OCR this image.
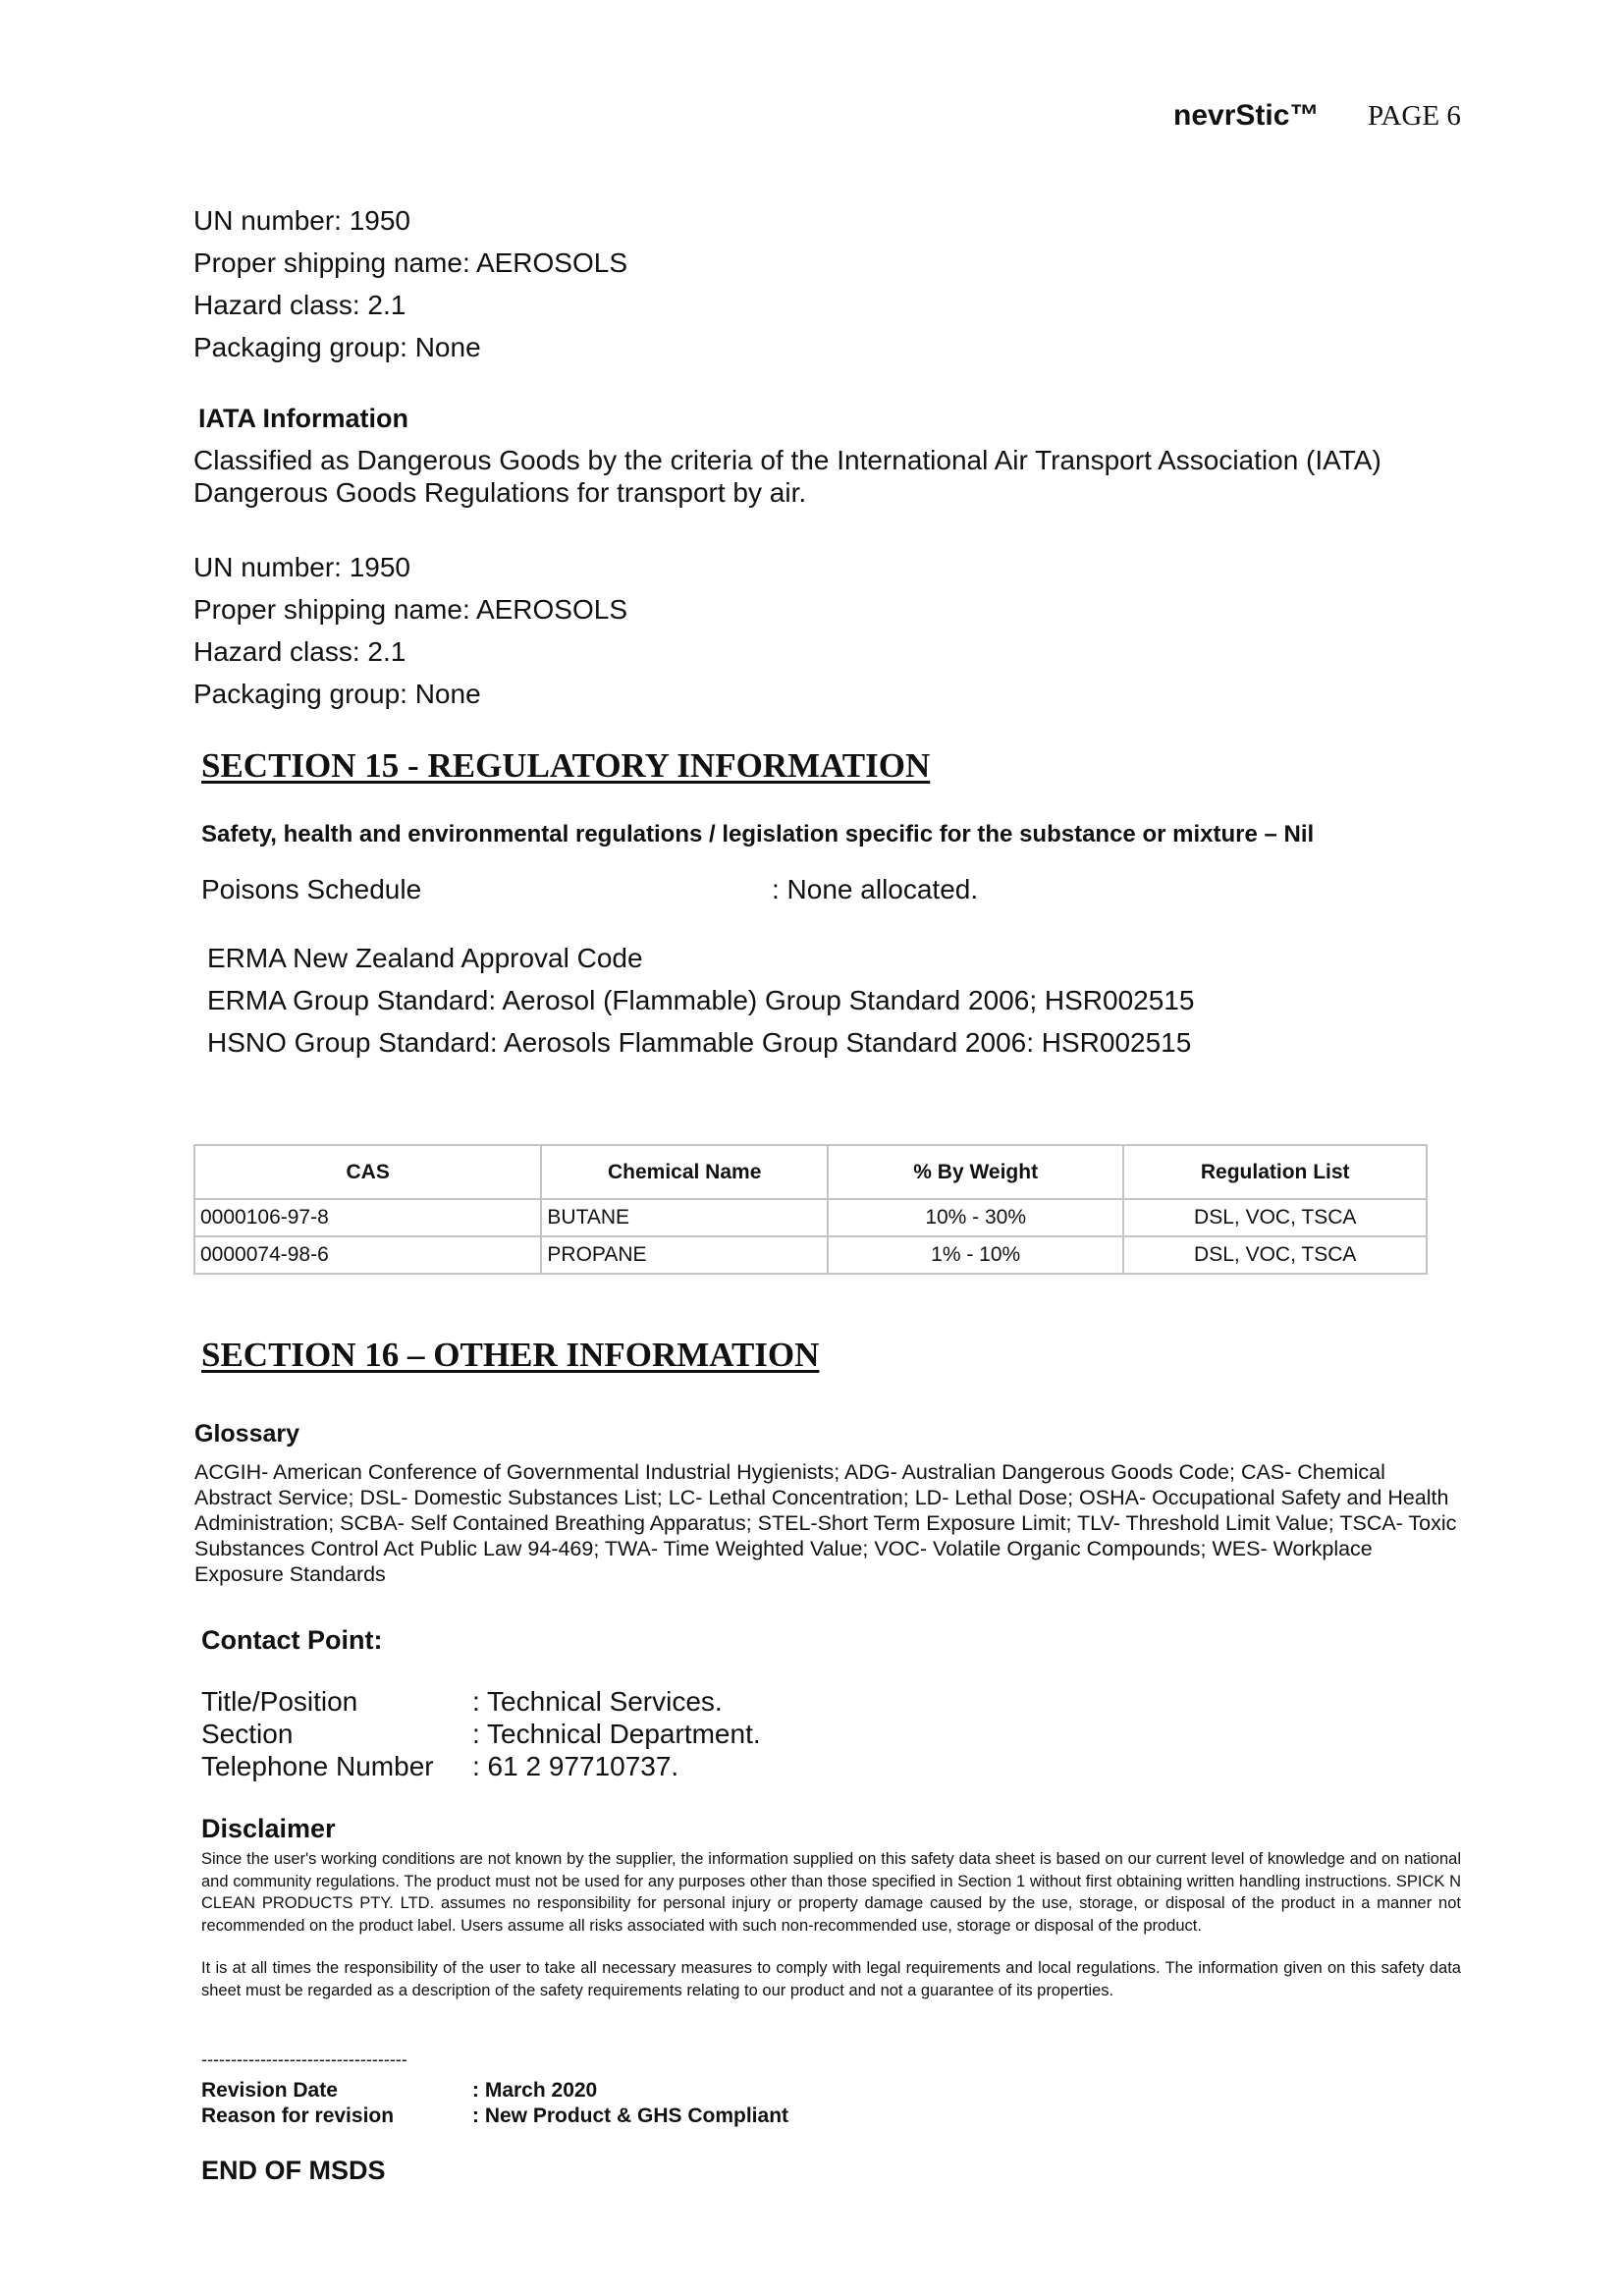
nevrStic™ PAGE 6
UN number: 1950
Proper shipping name: AEROSOLS
Hazard class: 2.1
Packaging group: None
IATA Information
Classified as Dangerous Goods by the criteria of the International Air Transport Association (IATA) Dangerous Goods Regulations for transport by air.
UN number: 1950
Proper shipping name: AEROSOLS
Hazard class: 2.1
Packaging group: None
SECTION 15 - REGULATORY INFORMATION
Safety, health and environmental regulations / legislation specific for the substance or mixture – Nil
Poisons Schedule	: None allocated.
ERMA New Zealand Approval Code
ERMA Group Standard: Aerosol (Flammable) Group Standard 2006; HSR002515
HSNO Group Standard: Aerosols Flammable Group Standard 2006: HSR002515
CAS	Chemical Name	% By Weight	Regulation List
0000106-97-8	BUTANE	10% - 30%	DSL, VOC, TSCA
0000074-98-6	PROPANE	1% - 10%	DSL, VOC, TSCA
SECTION 16 – OTHER INFORMATION
Glossary
ACGIH- American Conference of Governmental Industrial Hygienists; ADG- Australian Dangerous Goods Code; CAS- Chemical Abstract Service; DSL- Domestic Substances List; LC- Lethal Concentration; LD- Lethal Dose; OSHA- Occupational Safety and Health Administration; SCBA- Self Contained Breathing Apparatus; STEL-Short Term Exposure Limit; TLV- Threshold Limit Value; TSCA- Toxic Substances Control Act Public Law 94-469; TWA- Time Weighted Value; VOC- Volatile Organic Compounds; WES- Workplace Exposure Standards
Contact Point:
Title/Position	: Technical Services.
Section	: Technical Department.
Telephone Number : 61 2 97710737.
Disclaimer
Since the user's working conditions are not known by the supplier, the information supplied on this safety data sheet is based on our current level of knowledge and on national and community regulations. The product must not be used for any purposes other than those specified in Section 1 without first obtaining written handling instructions. SPICK N CLEAN PRODUCTS PTY. LTD. assumes no responsibility for personal injury or property damage caused by the use, storage, or disposal of the product in a manner not recommended on the product label. Users assume all risks associated with such non-recommended use, storage or disposal of the product.
It is at all times the responsibility of the user to take all necessary measures to comply with legal requirements and local regulations. The information given on this safety data sheet must be regarded as a description of the safety requirements relating to our product and not a guarantee of its properties.
-----------------------------------
Revision Date	: March 2020
Reason for revision	: New Product & GHS Compliant
END OF MSDS
